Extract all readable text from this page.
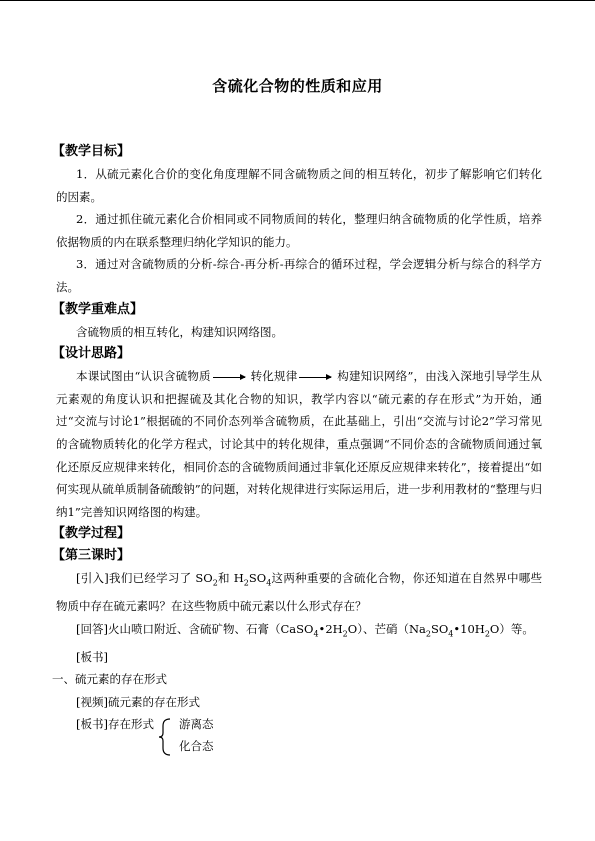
含硫化合物的性质和应用
【教学目标】
1．从硫元素化合价的变化角度理解不同含硫物质之间的相互转化，初步了解影响它们转化的因素。
2．通过抓住硫元素化合价相同或不同物质间的转化，整理归纳含硫物质的化学性质，培养依据物质的内在联系整理归纳化学知识的能力。
3．通过对含硫物质的分析-综合-再分析-再综合的循环过程，学会逻辑分析与综合的科学方法。
【教学重难点】
含硫物质的相互转化，构建知识网络图。
【设计思路】
本课试图由“认识含硫物质	转化规律	构建知识网络”，由浅入深地引导学生从元素观的角度认识和把握硫及其化合物的知识，教学内容以“硫元素的存在形式”为开始，通过“交流与讨论1”根据硫的不同价态列举含硫物质，在此基础上，引出“交流与讨论2”学习常见的含硫物质转化的化学方程式，讨论其中的转化规律，重点强调“不同价态的含硫物质间通过氧化还原反应规律来转化，相同价态的含硫物质间通过非氧化还原反应规律来转化”，接着提出“如何实现从硫单质制备硫酸钠”的问题，对转化规律进行实际运用后，进一步利用教材的“整理与归纳1”完善知识网络图的构建。
【教学过程】
【第三课时】
[引入]我们已经学习了 $SO_2$和 $H_2SO_4$这两种重要的含硫化合物，你还知道在自然界中哪些物质中存在硫元素吗？在这些物质中硫元素以什么形式存在？
[回答]火山喷口附近、含硫矿物、石膏$(CaSO_4•2H_2O)$、芒硝$(Na_2SO_4•10H_2O)$等。
[板书]
一、硫元素的存在形式
[视频]硫元素的存在形式
[板书]存在形式 游离态
化合态
